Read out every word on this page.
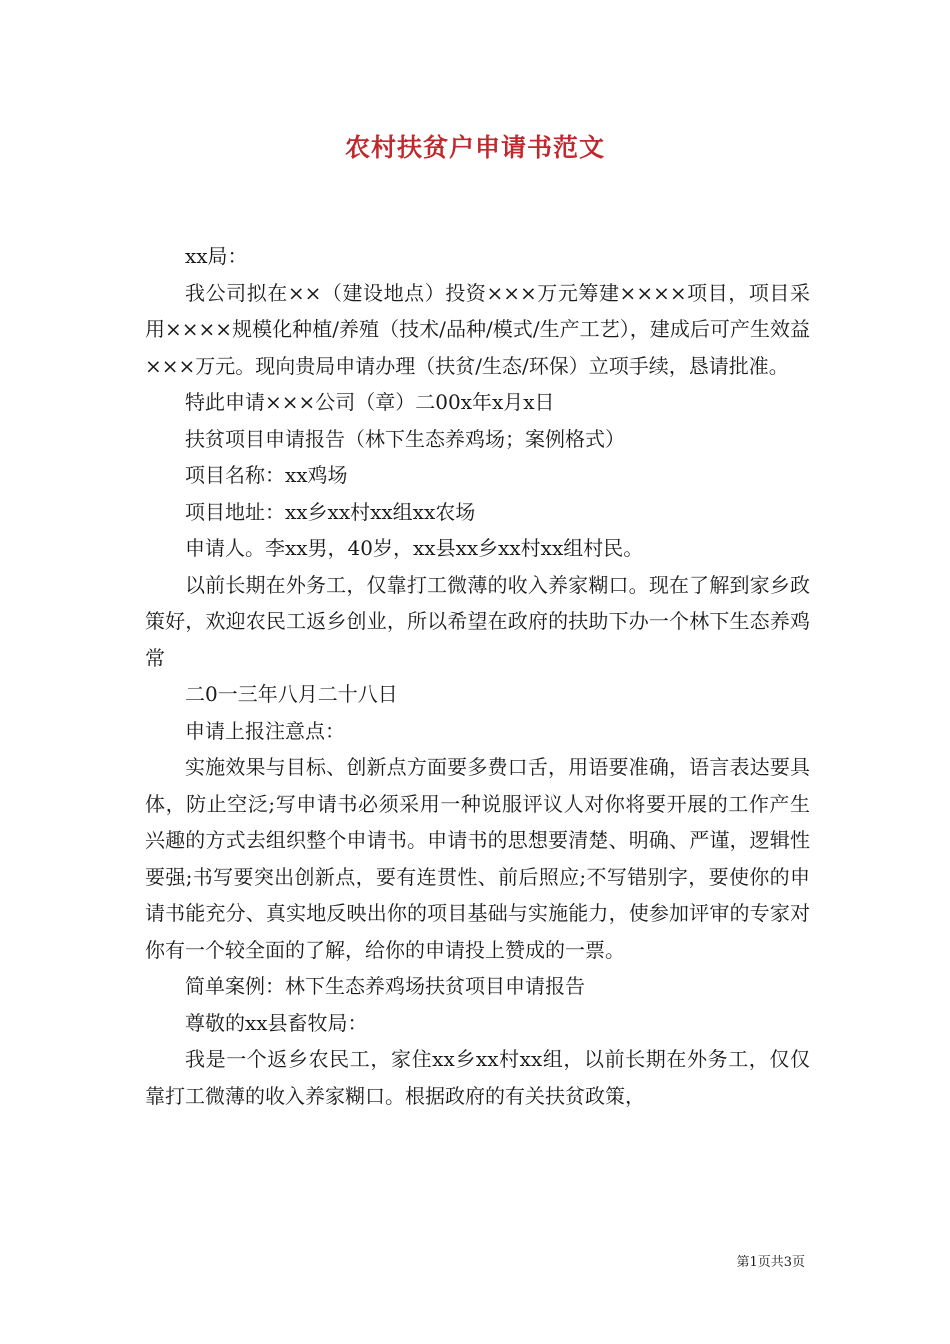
农村扶贫户申请书范文

xx局：

我公司拟在××（建设地点）投资×××万元筹建××××项目，项目采用××××规模化种植/养殖（技术/品种/模式/生产工艺），建成后可产生效益×××万元。现向贵局申请办理（扶贫/生态/环保）立项手续，恳请批准。

特此申请×××公司（章）二00x年x月x日

扶贫项目申请报告（林下生态养鸡场；案例格式）

项目名称：xx鸡场

项目地址：xx乡xx村xx组xx农场

申请人。李xx男，40岁，xx县xx乡xx村xx组村民。

以前长期在外务工，仅靠打工微薄的收入养家糊口。现在了解到家乡政策好，欢迎农民工返乡创业，所以希望在政府的扶助下办一个林下生态养鸡常

二0一三年八月二十八日

申请上报注意点：

实施效果与目标、创新点方面要多费口舌，用语要准确，语言表达要具体，防止空泛;写申请书必须采用一种说服评议人对你将要开展的工作产生兴趣的方式去组织整个申请书。申请书的思想要清楚、明确、严谨，逻辑性要强;书写要突出创新点，要有连贯性、前后照应;不写错别字，要使你的申请书能充分、真实地反映出你的项目基础与实施能力，使参加评审的专家对你有一个较全面的了解，给你的申请投上赞成的一票。

简单案例：林下生态养鸡场扶贫项目申请报告

尊敬的xx县畜牧局：

我是一个返乡农民工，家住xx乡xx村xx组，以前长期在外务工，仅仅靠打工微薄的收入养家糊口。根据政府的有关扶贫政策，

第1页共3页
